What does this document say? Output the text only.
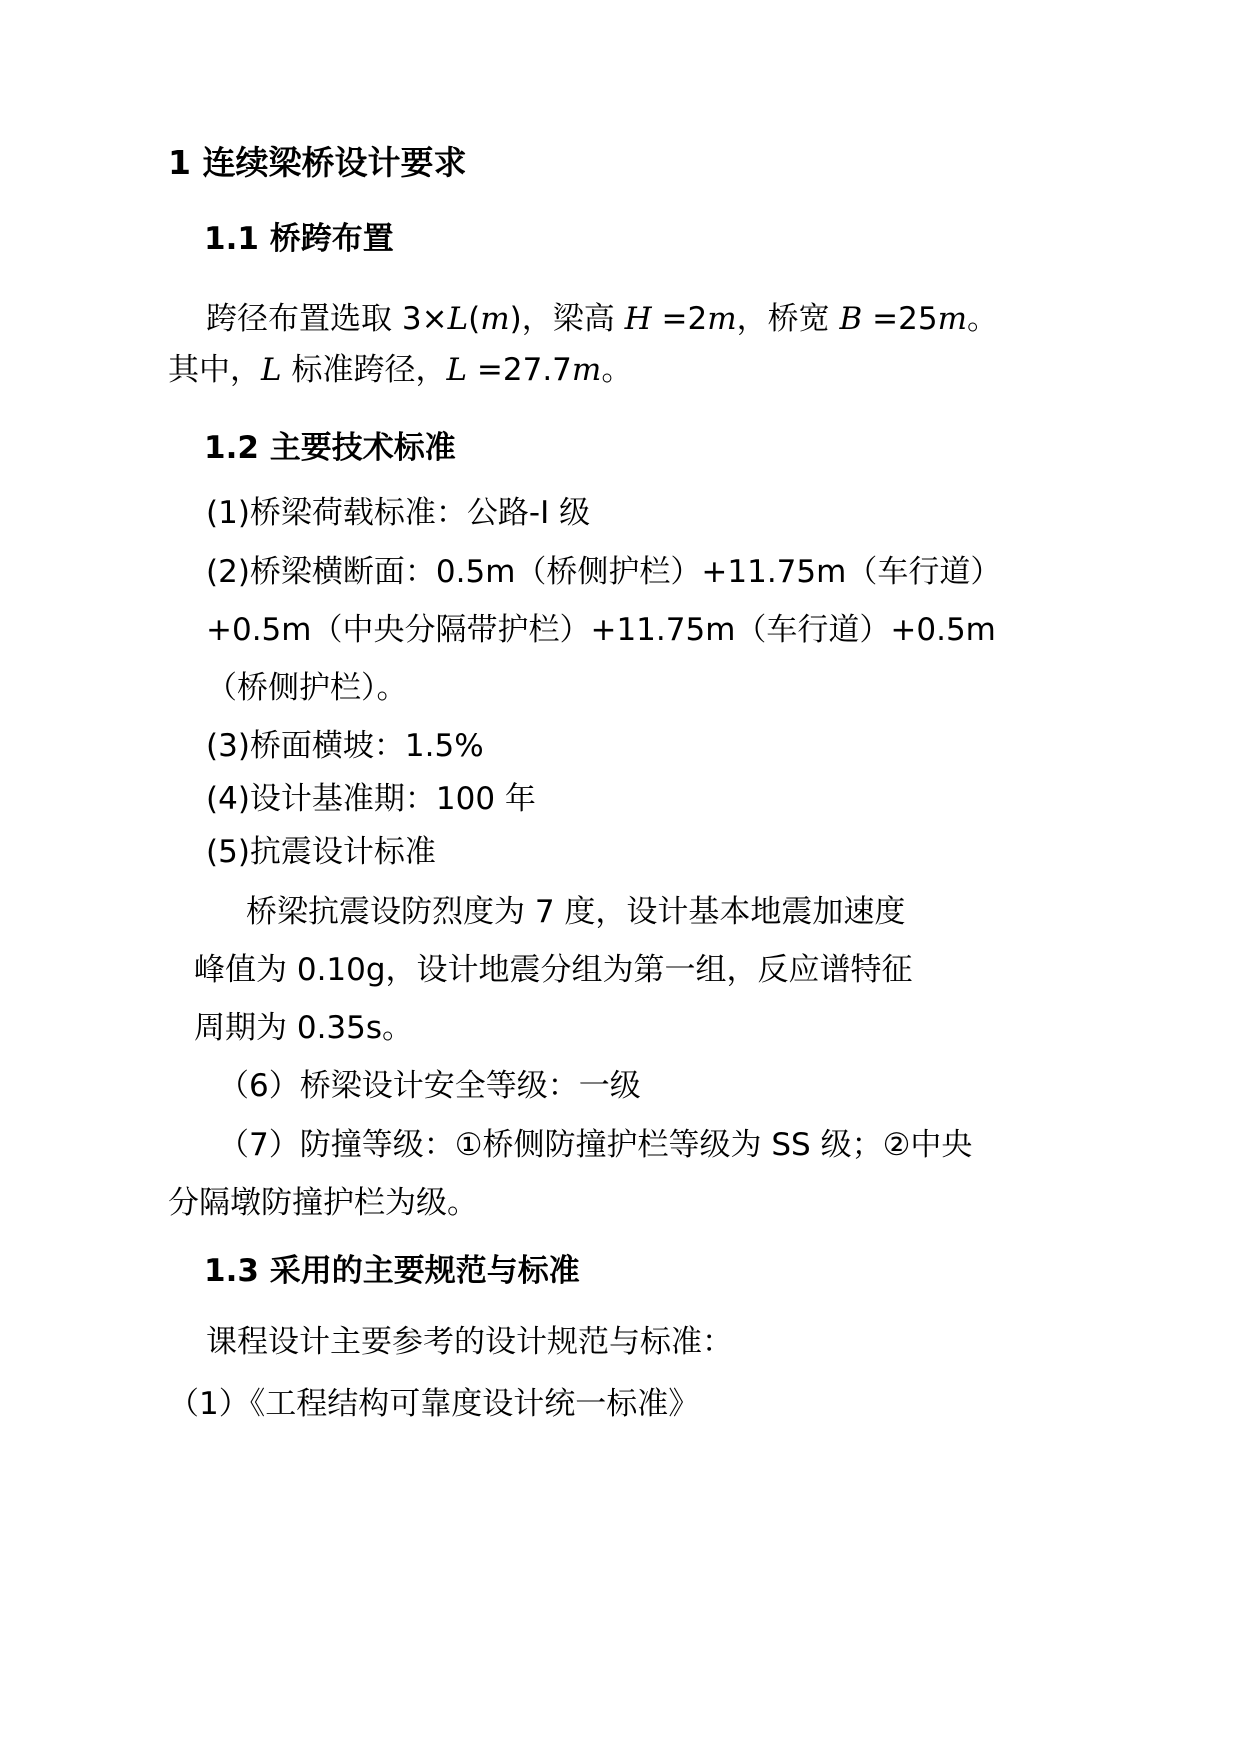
1 连续梁桥设计要求
1.1 桥跨布置
跨径布置选取 3×L(m)，梁高 H =2m，桥宽 B =25m。
其中，L 标准跨径，L =27.7m。
1.2 主要技术标准
(1)桥梁荷载标准：公路-I 级
(2)桥梁横断面：0.5m（桥侧护栏）+11.75m（车行道）
+0.5m（中央分隔带护栏）+11.75m（车行道）+0.5m
（桥侧护栏）。
(3)桥面横坡：1.5%
(4)设计基准期：100 年
(5)抗震设计标准
桥梁抗震设防烈度为 7 度，设计基本地震加速度
峰值为 0.10g，设计地震分组为第一组，反应谱特征
周期为 0.35s。
（6）桥梁设计安全等级：一级
（7）防撞等级：①桥侧防撞护栏等级为 SS 级；②中央
分隔墩防撞护栏为级。
1.3 采用的主要规范与标准
课程设计主要参考的设计规范与标准：
（1）《工程结构可靠度设计统一标准》
